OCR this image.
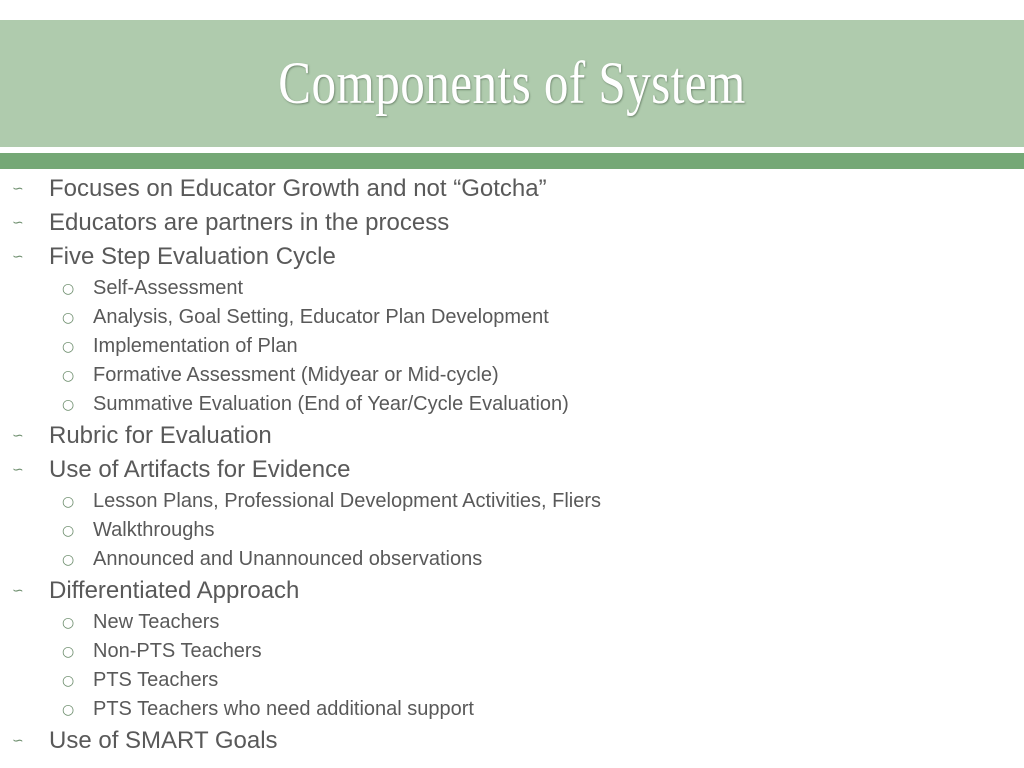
Components of System
∽ Focuses on Educator Growth and not “Gotcha”
∽ Educators are partners in the process
∽ Five Step Evaluation Cycle
○ Self-Assessment
○ Analysis, Goal Setting, Educator Plan Development
○ Implementation of Plan
○ Formative Assessment (Midyear or Mid-cycle)
○ Summative Evaluation (End of Year/Cycle Evaluation)
∽ Rubric for Evaluation
∽ Use of Artifacts for Evidence
○ Lesson Plans, Professional Development Activities, Fliers
○ Walkthroughs
○ Announced and Unannounced observations
∽ Differentiated Approach
○ New Teachers
○ Non-PTS Teachers
○ PTS Teachers
○ PTS Teachers who need additional support
∽ Use of SMART Goals
